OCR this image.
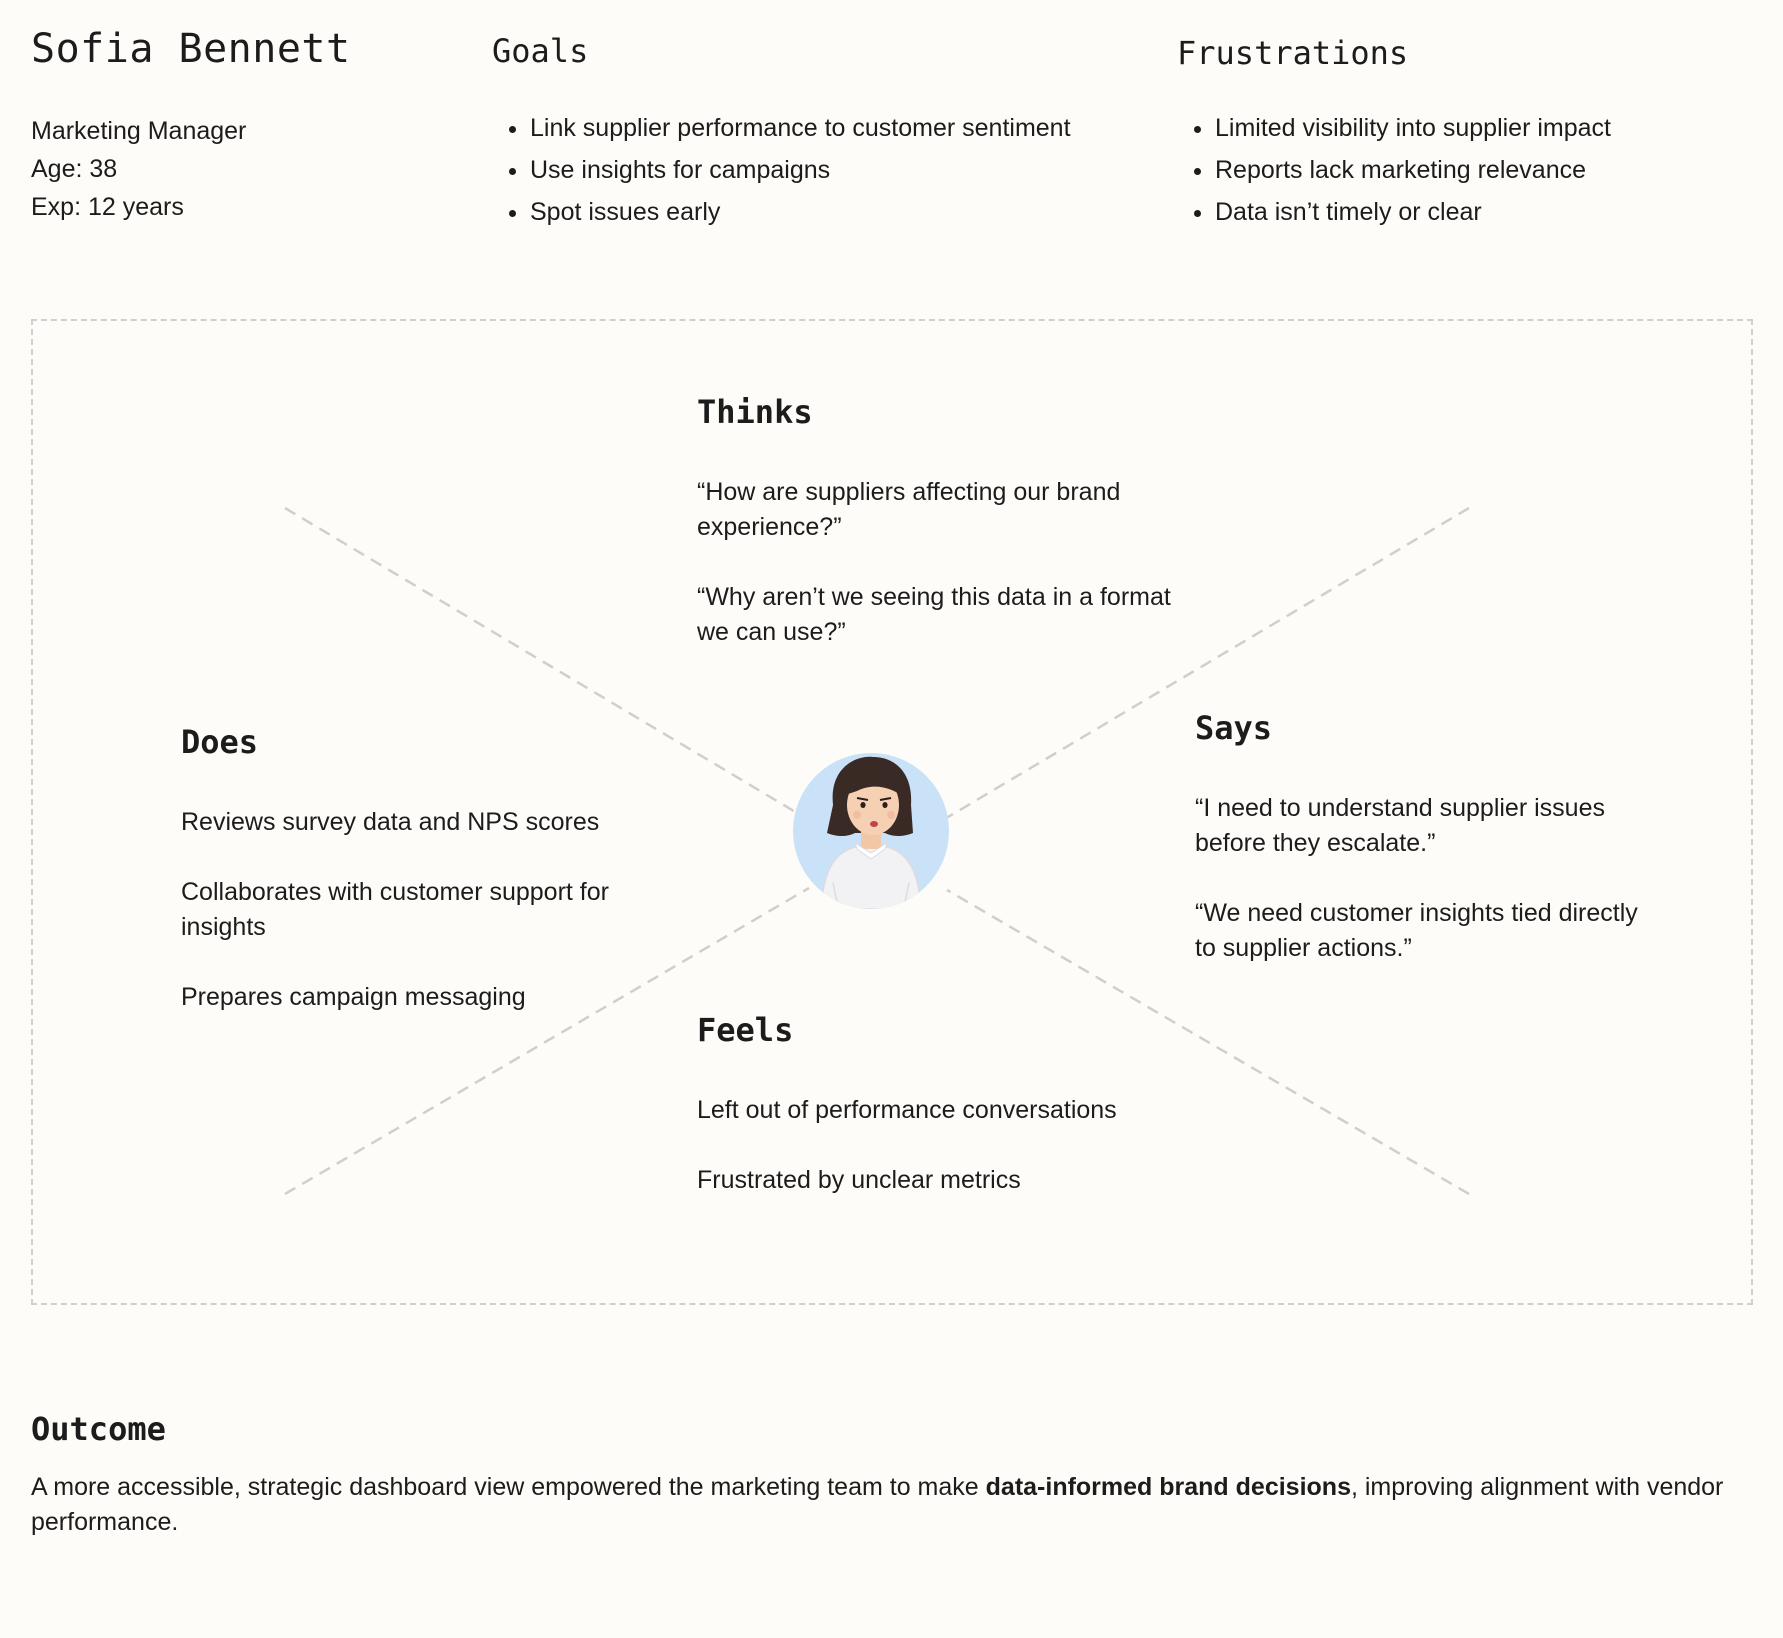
Sofia Bennett
Marketing Manager
Age: 38
Exp: 12 years
Goals
• Link supplier performance to customer sentiment
• Use insights for campaigns
• Spot issues early
Frustrations
• Limited visibility into supplier impact
• Reports lack marketing relevance
• Data isn’t timely or clear
Thinks

“How are suppliers affecting our brand experience?”

“Why aren’t we seeing this data in a format we can use?”

Does

Reviews survey data and NPS scores

Collaborates with customer support for insights

Prepares campaign messaging

Says

“I need to understand supplier issues before they escalate.”

“We need customer insights tied directly to supplier actions.”

Feels

Left out of performance conversations

Frustrated by unclear metrics

Outcome

A more accessible, strategic dashboard view empowered the marketing team to make data-informed brand decisions, improving alignment with vendor performance.
